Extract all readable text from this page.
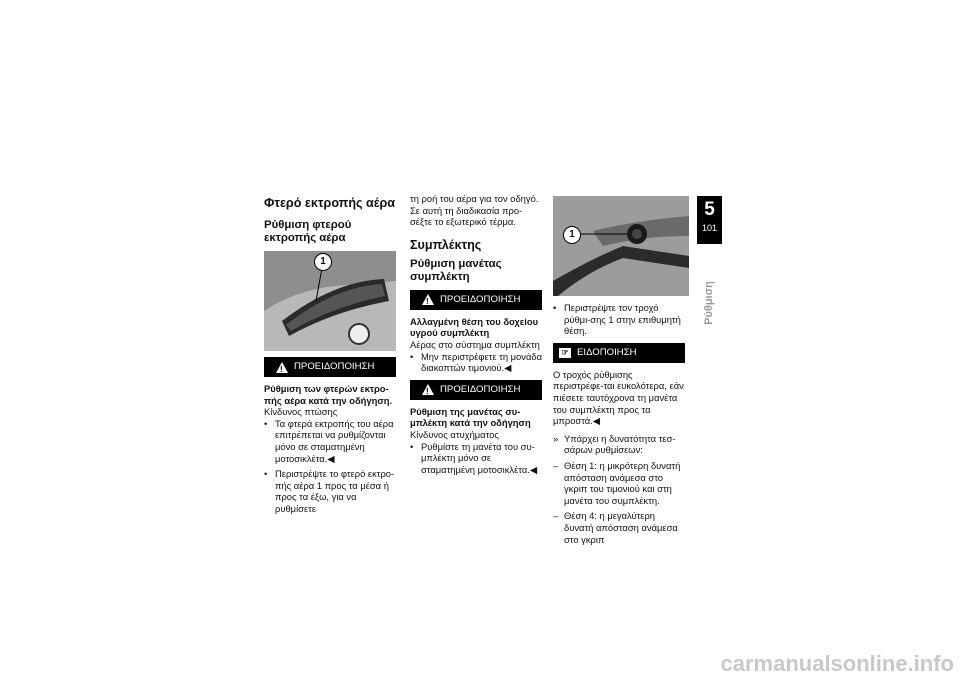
Φτερό εκτροπής αέρα
Ρύθμιση φτερού εκτροπής αέρα
1
!
ΠΡΟΕΙΔΟΠΟΙΗΣΗ

Ρύθμιση των φτερών εκτρο-πής αέρα κατά την οδήγηση.

Κίνδυνος πτώσης

• Τα φτερά εκτροπής του αέρα επιτρέπεται να ρυθμίζονται μόνο σε σταματημένη μοτοσικλέτα.◀
• Περιστρέψτε το φτερό εκτρο-πής αέρα 1 προς τα μέσα ή προς τα έξω, για να ρυθμίσετε

τη ροή του αέρα για τον οδηγό. Σε αυτή τη διαδικασία προ-σέξτε το εξωτερικό τέρμα.

Συμπλέκτης
Ρύθμιση μανέτας συμπλέκτη
!
ΠΡΟΕΙΔΟΠΟΙΗΣΗ

Αλλαγμένη θέση του δοχείου υγρού συμπλέκτη

Αέρας στο σύστημα συμπλέκτη

• Μην περιστρέφετε τη μονάδα διακοπτών τιμονιού.◀
!
ΠΡΟΕΙΔΟΠΟΙΗΣΗ

Ρύθμιση της μανέτας συ-μπλέκτη κατά την οδήγηση

Κίνδυνος ατυχήματος

• Ρυθμίστε τη μανέτα του συ-μπλέκτη μόνο σε σταματημένη μοτοσικλέτα.◀
1
• Περιστρέψτε τον τροχό ρύθμι-σης 1 στην επιθυμητή θέση.
☞ ΕΙΔΟΠΟΙΗΣΗ

Ο τροχός ρύθμισης περιστρέφε-ται ευκολότερα, εάν πιέσετε ταυτόχρονα τη μανέτα του συμπλέκτη προς τα μπροστά.◀

» Υπάρχει η δυνατότητα τεσ-σάρων ρυθμίσεων:
– Θέση 1: η μικρότερη δυνατή απόσταση ανάμεσα στο γκριπ του τιμονιού και στη μανέτα του συμπλέκτη.
– Θέση 4: η μεγαλύτερη δυνατή απόσταση ανάμεσα στο γκριπ
5
101
Ρύθμιση
carmanualsonline.info
